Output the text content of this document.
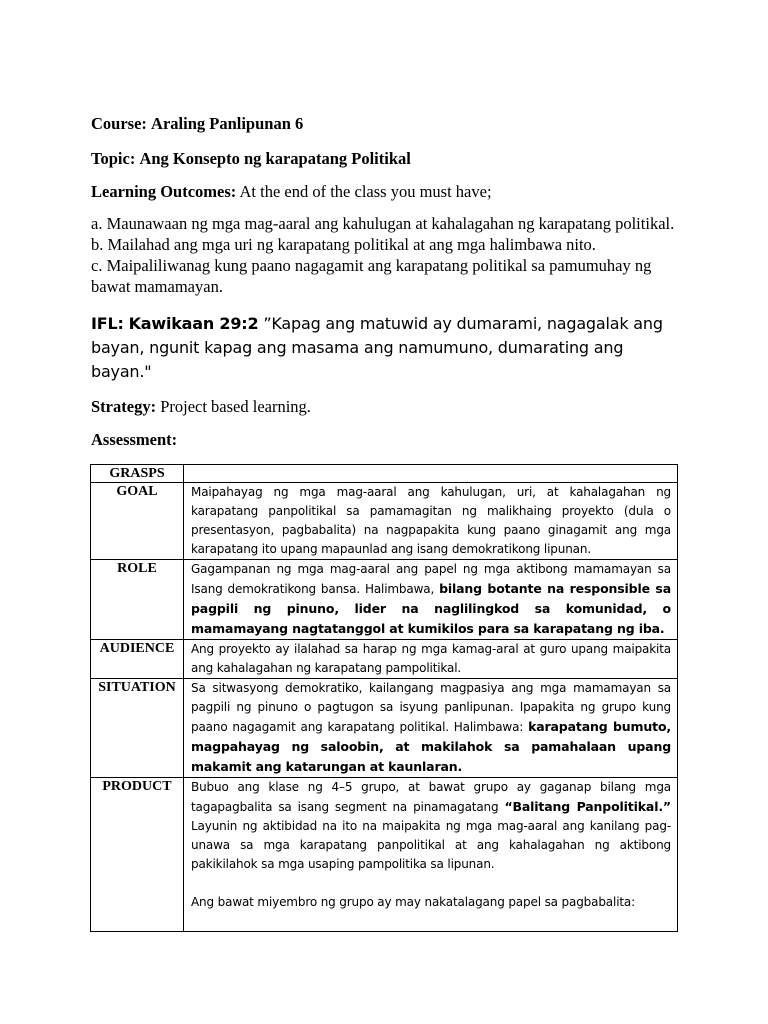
Course: Araling Panlipunan 6
Topic: Ang Konsepto ng karapatang Politikal
Learning Outcomes: At the end of the class you must have;
a. Maunawaan ng mga mag-aaral ang kahulugan at kahalagahan ng karapatang politikal.
b. Mailahad ang mga uri ng karapatang politikal at ang mga halimbawa nito.
c. Maipaliliwanag kung paano nagagamit ang karapatang politikal sa pamumuhay ng bawat mamamayan.
IFL: Kawikaan 29:2 ”Kapag ang matuwid ay dumarami, nagagalak ang bayan, ngunit kapag ang masama ang namumuno, dumarating ang bayan."
Strategy: Project based learning.
Assessment:
GRASPS	
GOAL	Maipahayag ng mga mag-aaral ang kahulugan, uri, at kahalagahan ng karapatang panpolitikal sa pamamagitan ng malikhaing proyekto (dula o presentasyon, pagbabalita) na nagpapakita kung paano ginagamit ang mga karapatang ito upang mapaunlad ang isang demokratikong lipunan.
ROLE	Gagampanan ng mga mag-aaral ang papel ng mga aktibong mamamayan sa Isang demokratikong bansa. Halimbawa, bilang botante na responsible sa pagpili ng pinuno, lider na naglilingkod sa komunidad, o mamamayang nagtatanggol at kumikilos para sa karapatang ng iba.
AUDIENCE	Ang proyekto ay ilalahad sa harap ng mga kamag-aral at guro upang maipakita ang kahalagahan ng karapatang pampolitikal.
SITUATION	Sa sitwasyong demokratiko, kailangang magpasiya ang mga mamamayan sa pagpili ng pinuno o pagtugon sa isyung panlipunan. Ipapakita ng grupo kung paano nagagamit ang karapatang politikal. Halimbawa: karapatang bumuto, magpahayag ng saloobin, at makilahok sa pamahalaan upang makamit ang katarungan at kaunlaran.
PRODUCT	Bubuo ang klase ng 4–5 grupo, at bawat grupo ay gaganap bilang mga tagapagbalita sa isang segment na pinamagatang “Balitang Panpolitikal.” Layunin ng aktibidad na ito na maipakita ng mga mag-aaral ang kanilang pag-unawa sa mga karapatang panpolitikal at ang kahalagahan ng aktibong pakikilahok sa mga usaping pampolitika sa lipunan.
Ang bawat miyembro ng grupo ay may nakatalagang papel sa pagbabalita:
